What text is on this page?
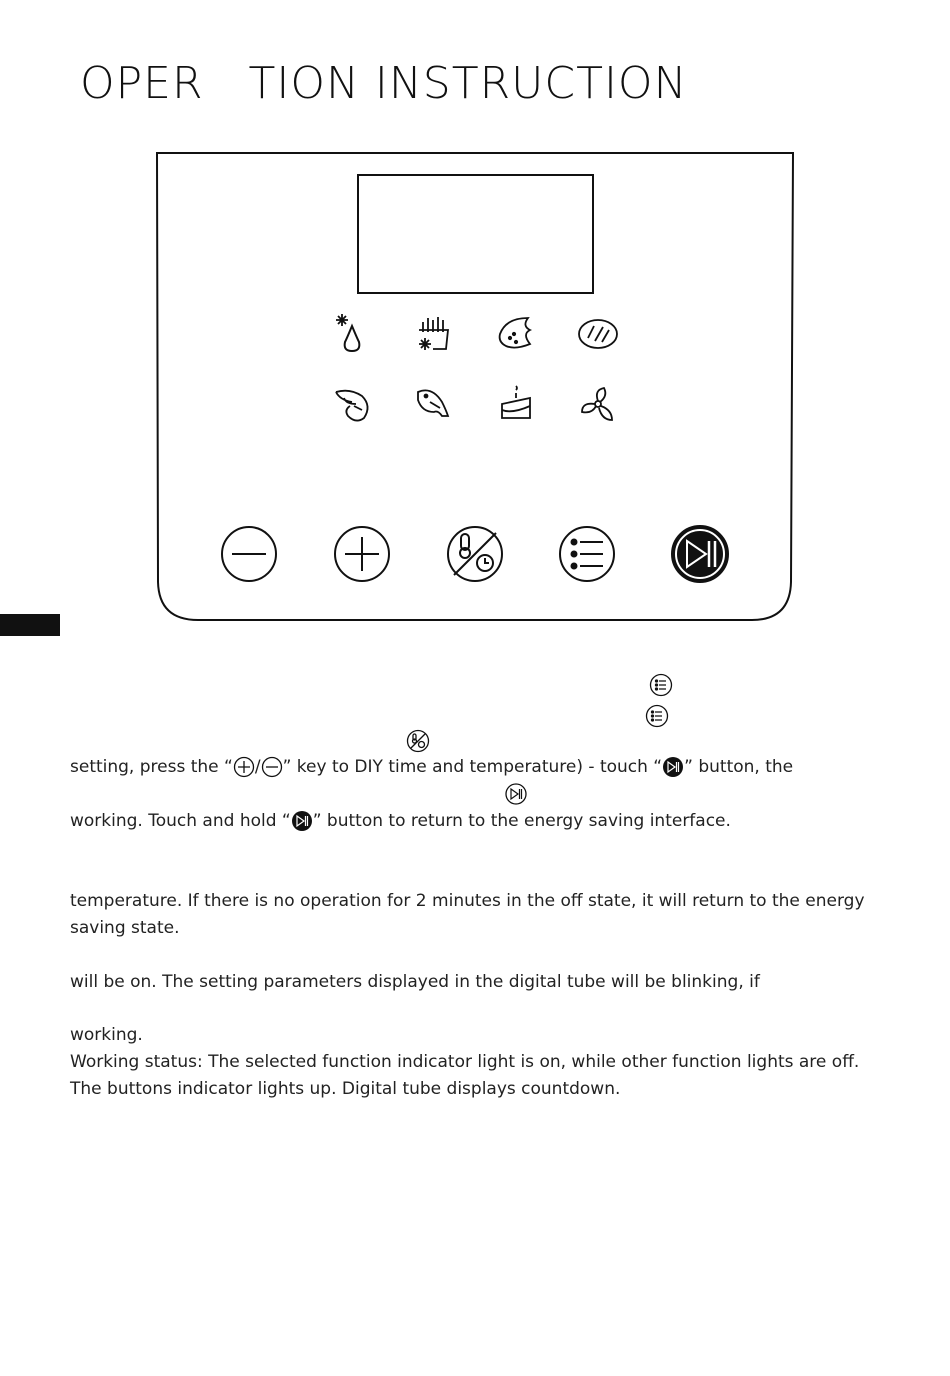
OPER   TION INSTRUCTION
setting, press the “ / ” key to DIY time and temperature) - touch “ ” button, the
working. Touch and hold “ ” button to return to the energy saving interface.
temperature. If there is no operation for 2 minutes in the off state, it will return to the energy saving state.
will be on. The setting parameters displayed in the digital tube will be blinking, if
working.
Working status: The selected function indicator light is on, while other function lights are off. The buttons indicator lights up. Digital tube displays countdown.
